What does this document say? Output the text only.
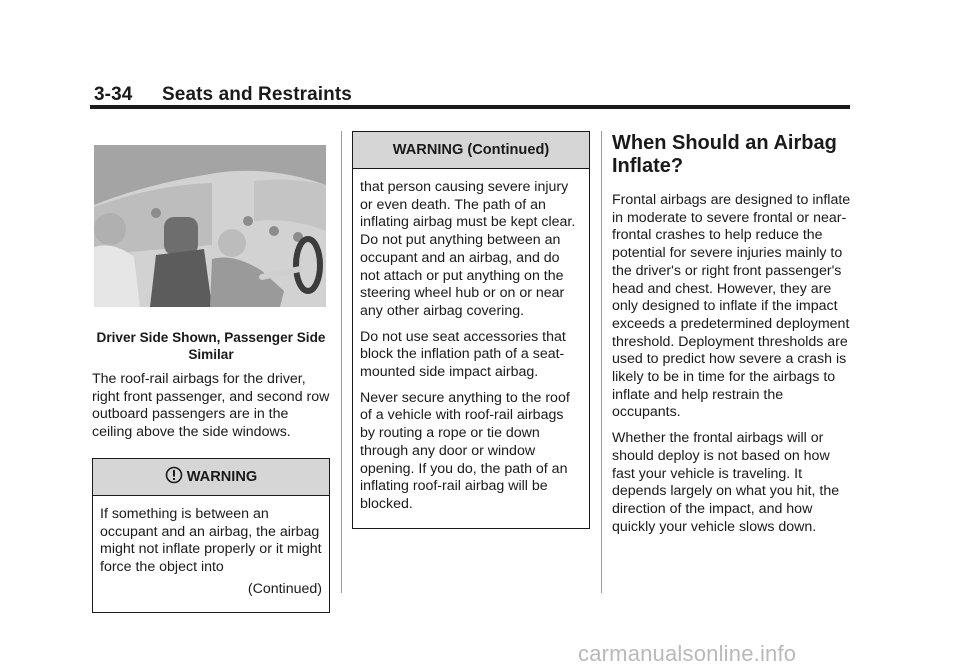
3-34 Seats and Restraints
Driver Side Shown, Passenger Side Similar

The roof-rail airbags for the driver, right front passenger, and second row outboard passengers are in the ceiling above the side windows.

WARNING

If something is between an occupant and an airbag, the airbag might not inflate properly or it might force the object into

(Continued)

WARNING (Continued)

that person causing severe injury or even death. The path of an inflating airbag must be kept clear. Do not put anything between an occupant and an airbag, and do not attach or put anything on the steering wheel hub or on or near any other airbag covering.

Do not use seat accessories that block the inflation path of a seat-mounted side impact airbag.

Never secure anything to the roof of a vehicle with roof-rail airbags by routing a rope or tie down through any door or window opening. If you do, the path of an inflating roof-rail airbag will be blocked.

When Should an Airbag Inflate?

Frontal airbags are designed to inflate in moderate to severe frontal or near-frontal crashes to help reduce the potential for severe injuries mainly to the driver's or right front passenger's head and chest. However, they are only designed to inflate if the impact exceeds a predetermined deployment threshold. Deployment thresholds are used to predict how severe a crash is likely to be in time for the airbags to inflate and help restrain the occupants.

Whether the frontal airbags will or should deploy is not based on how fast your vehicle is traveling. It depends largely on what you hit, the direction of the impact, and how quickly your vehicle slows down.

carmanualsonline.info
